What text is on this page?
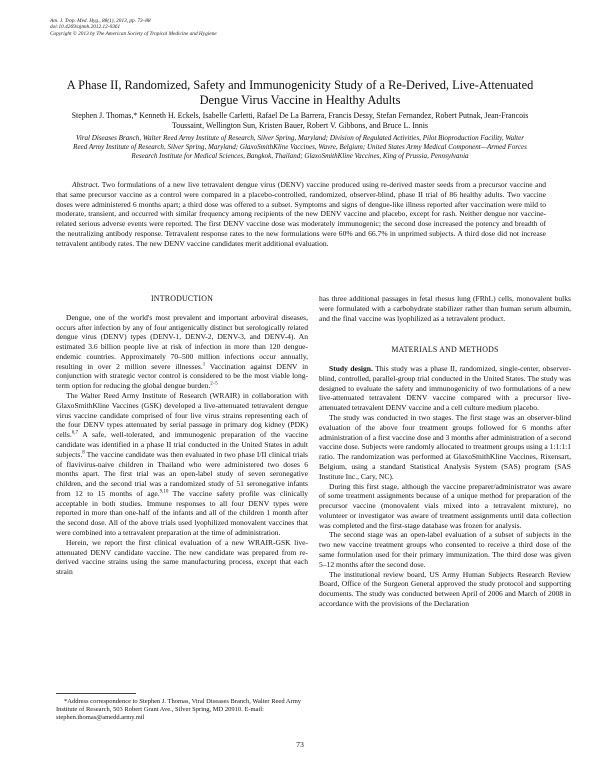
Am. J. Trop. Med. Hyg., 88(1), 2013, pp. 73–88
doi:10.4269/ajtmh.2012.12-0361
Copyright © 2013 by The American Society of Tropical Medicine and Hygiene
A Phase II, Randomized, Safety and Immunogenicity Study of a Re-Derived, Live-Attenuated Dengue Virus Vaccine in Healthy Adults
Stephen J. Thomas,* Kenneth H. Eckels, Isabelle Carletti, Rafael De La Barrera, Francis Dessy, Stefan Fernandez, Robert Putnak, Jean-Francois Toussaint, Wellington Sun, Kristen Bauer, Robert V. Gibbons, and Bruce L. Innis
Viral Diseases Branch, Walter Reed Army Institute of Research, Silver Spring, Maryland; Division of Regulated Activities, Pilot Bioproduction Facility, Walter Reed Army Institute of Research, Silver Spring, Maryland; GlaxoSmithKline Vaccines, Wavre, Belgium; United States Army Medical Component—Armed Forces Research Institute for Medical Sciences, Bangkok, Thailand; GlaxoSmithKline Vaccines, King of Prussia, Pennsylvania
Abstract. Two formulations of a new live tetravalent dengue virus (DENV) vaccine produced using re-derived master seeds from a precursor vaccine and that same precursor vaccine as a control were compared in a placebo-controlled, randomized, observer-blind, phase II trial of 86 healthy adults. Two vaccine doses were administered 6 months apart; a third dose was offered to a subset. Symptoms and signs of dengue-like illness reported after vaccination were mild to moderate, transient, and occurred with similar frequency among recipients of the new DENV vaccine and placebo, except for rash. Neither dengue nor vaccine-related serious adverse events were reported. The first DENV vaccine dose was moderately immunogenic; the second dose increased the potency and breadth of the neutralizing antibody response. Tetravalent response rates to the new formulations were 60% and 66.7% in unprimed subjects. A third dose did not increase tetravalent antibody rates. The new DENV vaccine candidates merit additional evaluation.
INTRODUCTION

Dengue, one of the world's most prevalent and important arboviral diseases, occurs after infection by any of four antigenically distinct but serologically related dengue virus (DENV) types (DENV-1, DENV-2, DENV-3, and DENV-4). An estimated 3.6 billion people live at risk of infection in more than 120 dengue-endemic countries. Approximately 70–500 million infections occur annually, resulting in over 2 million severe illnesses.$^1$ Vaccination against DENV in conjunction with strategic vector control is considered to be the most viable long-term option for reducing the global dengue burden.$^{2-5}$

The Walter Reed Army Institute of Research (WRAIR) in collaboration with GlaxoSmithKline Vaccines (GSK) developed a live-attenuated tetravalent dengue virus vaccine candidate comprised of four live virus strains representing each of the four DENV types attenuated by serial passage in primary dog kidney (PDK) cells.$^{6,7}$ A safe, well-tolerated, and immunogenic preparation of the vaccine candidate was identified in a phase II trial conducted in the United States in adult subjects.$^8$ The vaccine candidate was then evaluated in two phase I/II clinical trials of flavivirus-naive children in Thailand who were administered two doses 6 months apart. The first trial was an open-label study of seven seronegative children, and the second trial was a randomized study of 51 seronegative infants from 12 to 15 months of age.$^{9,10}$ The vaccine safety profile was clinically acceptable in both studies. Immune responses to all four DENV types were reported in more than one-half of the infants and all of the children 1 month after the second dose. All of the above trials used lyophilized monovalent vaccines that were combined into a tetravalent preparation at the time of administration.

Herein, we report the first clinical evaluation of a new WRAIR-GSK live-attenuated DENV candidate vaccine. The new candidate was prepared from re-derived vaccine strains using the same manufacturing process, except that each strain

has three additional passages in fetal rhesus lung (FRhL) cells, monovalent bulks were formulated with a carbohydrate stabilizer rather than human serum albumin, and the final vaccine was lyophilized as a tetravalent product.

MATERIALS AND METHODS

Study design. This study was a phase II, randomized, single-center, observer-blind, controlled, parallel-group trial conducted in the United States. The study was designed to evaluate the safety and immunogenicity of two formulations of a new live-attenuated tetravalent DENV vaccine compared with a precursor live-attenuated tetravalent DENV vaccine and a cell culture medium placebo.

The study was conducted in two stages. The first stage was an observer-blind evaluation of the above four treatment groups followed for 6 months after administration of a first vaccine dose and 3 months after administration of a second vaccine dose. Subjects were randomly allocated to treatment groups using a 1:1:1:1 ratio. The randomization was performed at GlaxoSmithKline Vaccines, Rixensart, Belgium, using a standard Statistical Analysis System (SAS) program (SAS Institute Inc., Cary, NC).

During this first stage, although the vaccine preparer/administrator was aware of some treatment assignments because of a unique method for preparation of the precursor vaccine (monovalent vials mixed into a tetravalent mixture), no volunteer or investigator was aware of treatment assignments until data collection was completed and the first-stage database was frozen for analysis.

The second stage was an open-label evaluation of a subset of subjects in the two new vaccine treatment groups who consented to receive a third dose of the same formulation used for their primary immunization. The third dose was given 5–12 months after the second dose.

The institutional review board, US Army Human Subjects Research Review Board, Office of the Surgeon General approved the study protocol and supporting documents. The study was conducted between April of 2006 and March of 2008 in accordance with the provisions of the Declaration

*Address correspondence to Stephen J. Thomas, Viral Diseases Branch, Walter Reed Army Institute of Research, 503 Robert Grant Ave., Silver Spring, MD 20910. E-mail: stephen.thomas@amedd.army.mil
73
